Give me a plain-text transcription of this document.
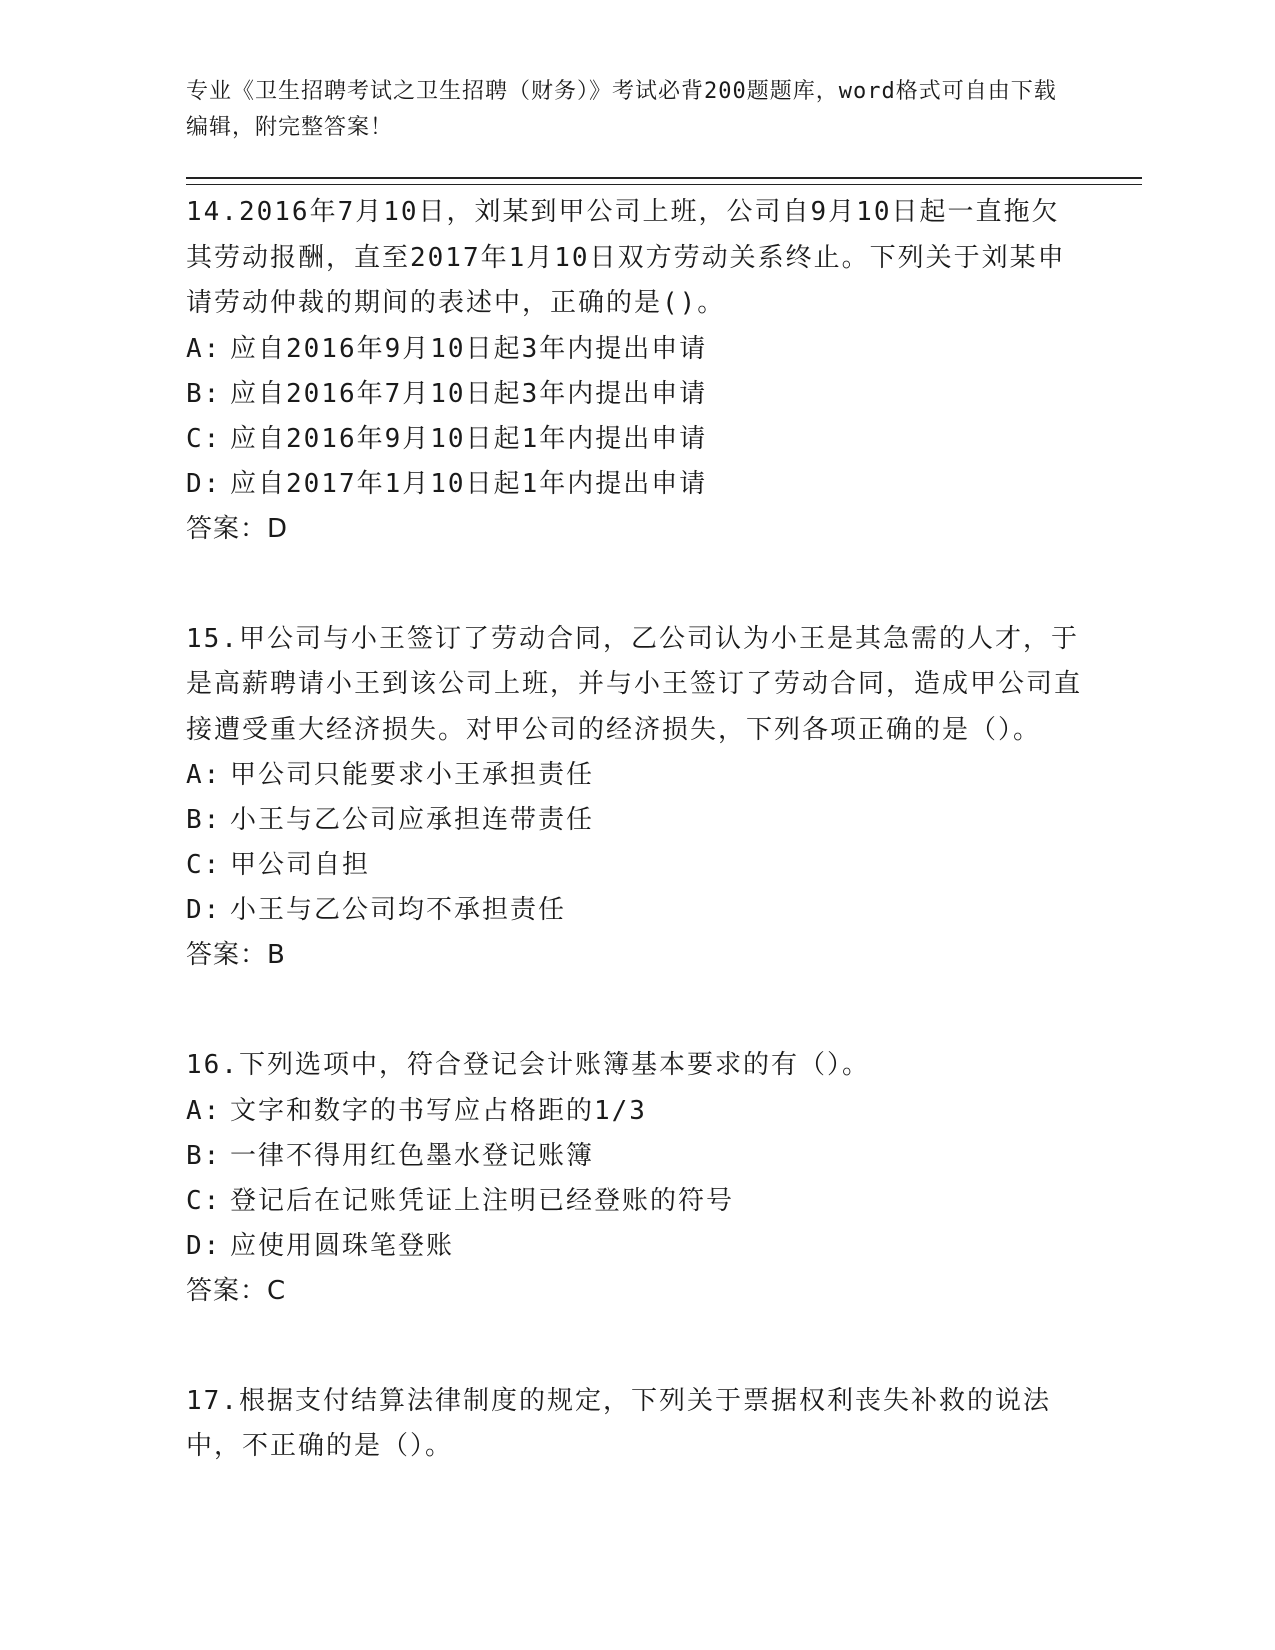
专业《卫生招聘考试之卫生招聘（财务）》考试必背200题题库，word格式可自由下载编辑，附完整答案！
14.2016年7月10日，刘某到甲公司上班，公司自9月10日起一直拖欠其劳动报酬，直至2017年1月10日双方劳动关系终止。下列关于刘某申请劳动仲裁的期间的表述中，正确的是()。
A: 应自2016年9月10日起3年内提出申请
B: 应自2016年7月10日起3年内提出申请
C: 应自2016年9月10日起1年内提出申请
D: 应自2017年1月10日起1年内提出申请
答案：D
15.甲公司与小王签订了劳动合同，乙公司认为小王是其急需的人才，于是高薪聘请小王到该公司上班，并与小王签订了劳动合同，造成甲公司直接遭受重大经济损失。对甲公司的经济损失，下列各项正确的是（）。
A: 甲公司只能要求小王承担责任
B: 小王与乙公司应承担连带责任
C: 甲公司自担
D: 小王与乙公司均不承担责任
答案：B
16.下列选项中，符合登记会计账簿基本要求的有（）。
A: 文字和数字的书写应占格距的1/3
B: 一律不得用红色墨水登记账簿
C: 登记后在记账凭证上注明已经登账的符号
D: 应使用圆珠笔登账
答案：C
17.根据支付结算法律制度的规定，下列关于票据权利丧失补救的说法中，不正确的是（）。
